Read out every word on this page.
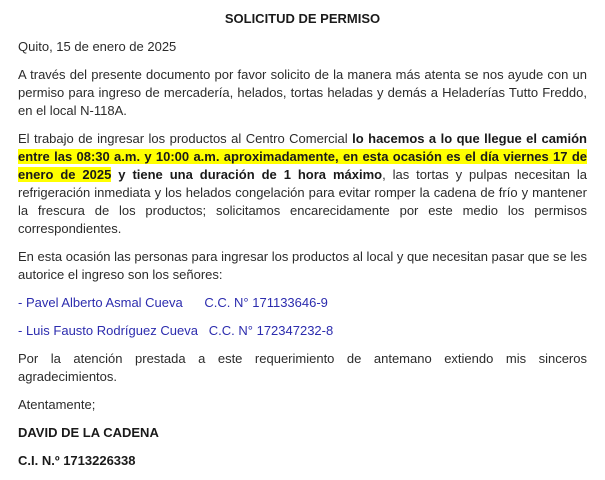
SOLICITUD DE PERMISO

Quito, 15 de enero de 2025

A través del presente documento por favor solicito de la manera más atenta se nos ayude con un permiso para ingreso de mercadería, helados, tortas heladas y demás a Heladerías Tutto Freddo, en el local N-118A.

El trabajo de ingresar los productos al Centro Comercial lo hacemos a lo que llegue el camión entre las 08:30 a.m. y 10:00 a.m. aproximadamente, en esta ocasión es el día viernes 17 de enero de 2025 y tiene una duración de 1 hora máximo, las tortas y pulpas necesitan la refrigeración inmediata y los helados congelación para evitar romper la cadena de frío y mantener la frescura de los productos; solicitamos encarecidamente por este medio los permisos correspondientes.

En esta ocasión las personas para ingresar los productos al local y que necesitan pasar que se les autorice el ingreso son los señores:

- Pavel Alberto Asmal Cueva C.C. N° 171133646-9
- Luis Fausto Rodríguez Cueva C.C. N° 172347232-8

Por la atención prestada a este requerimiento de antemano extiendo mis sinceros agradecimientos.

Atentamente;

DAVID DE LA CADENA
C.I. N.º 1713226338
